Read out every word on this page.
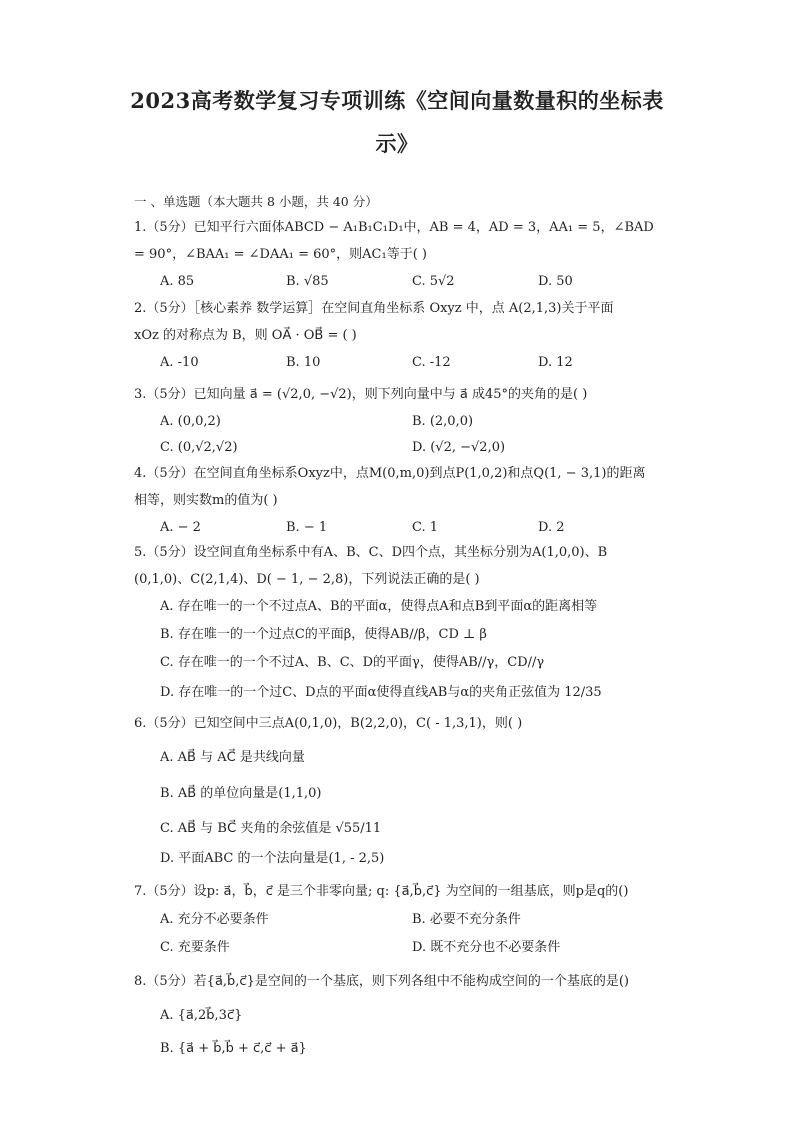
2023高考数学复习专项训练《空间向量数量积的坐标表
示》
一 、单选题（本大题共 8 小题，共 40 分）
1.（5分）已知平行六面体ABCD − A₁B₁C₁D₁中，AB = 4，AD = 3，AA₁ = 5，∠BAD
= 90°，∠BAA₁ = ∠DAA₁ = 60°，则AC₁等于( )
A. 85	B. √85	C. 5√2	D. 50
2.（5分）［核心素养 数学运算］在空间直角坐标系 Oxyz 中，点 A(2,1,3)关于平面
xOz 的对称点为 B，则 OA⃗ · OB⃗ = ( )
A. -10	B. 10	C. -12	D. 12
3.（5分）已知向量 a⃗ = (√2,0, −√2)，则下列向量中与 a⃗ 成45°的夹角的是( )
A. (0,0,2)	B. (2,0,0)
C. (0,√2,√2)	D. (√2, −√2,0)
4.（5分）在空间直角坐标系Oxyz中，点M(0,m,0)到点P(1,0,2)和点Q(1, − 3,1)的距离
相等，则实数m的值为( )
A. − 2	B. − 1	C. 1	D. 2
5.（5分）设空间直角坐标系中有A、B、C、D四个点，其坐标分别为A(1,0,0)、B
(0,1,0)、C(2,1,4)、D( − 1, − 2,8)，下列说法正确的是( )
A. 存在唯一的一个不过点A、B的平面α，使得点A和点B到平面α的距离相等
B. 存在唯一的一个过点C的平面β，使得AB//β，CD ⊥ β
C. 存在唯一的一个不过A、B、C、D的平面γ，使得AB//γ，CD//γ
D. 存在唯一的一个过C、D点的平面α使得直线AB与α的夹角正弦值为 12/35
6.（5分）已知空间中三点A(0,1,0)，B(2,2,0)，C( - 1,3,1)，则( )
A. AB⃗ 与 AC⃗ 是共线向量
B. AB⃗ 的单位向量是(1,1,0)
C. AB⃗ 与 BC⃗ 夹角的余弦值是 √55/11
D. 平面ABC 的一个法向量是(1, - 2,5)
7.（5分）设p: a⃗，b⃗，c⃗ 是三个非零向量; q: {a⃗,b⃗,c⃗} 为空间的一组基底，则p是q的()
A. 充分不必要条件	B. 必要不充分条件
C. 充要条件	D. 既不充分也不必要条件
8.（5分）若{a⃗,b⃗,c⃗}是空间的一个基底，则下列各组中不能构成空间的一个基底的是()
A. {a⃗,2b⃗,3c⃗}
B. {a⃗ + b⃗,b⃗ + c⃗,c⃗ + a⃗}
